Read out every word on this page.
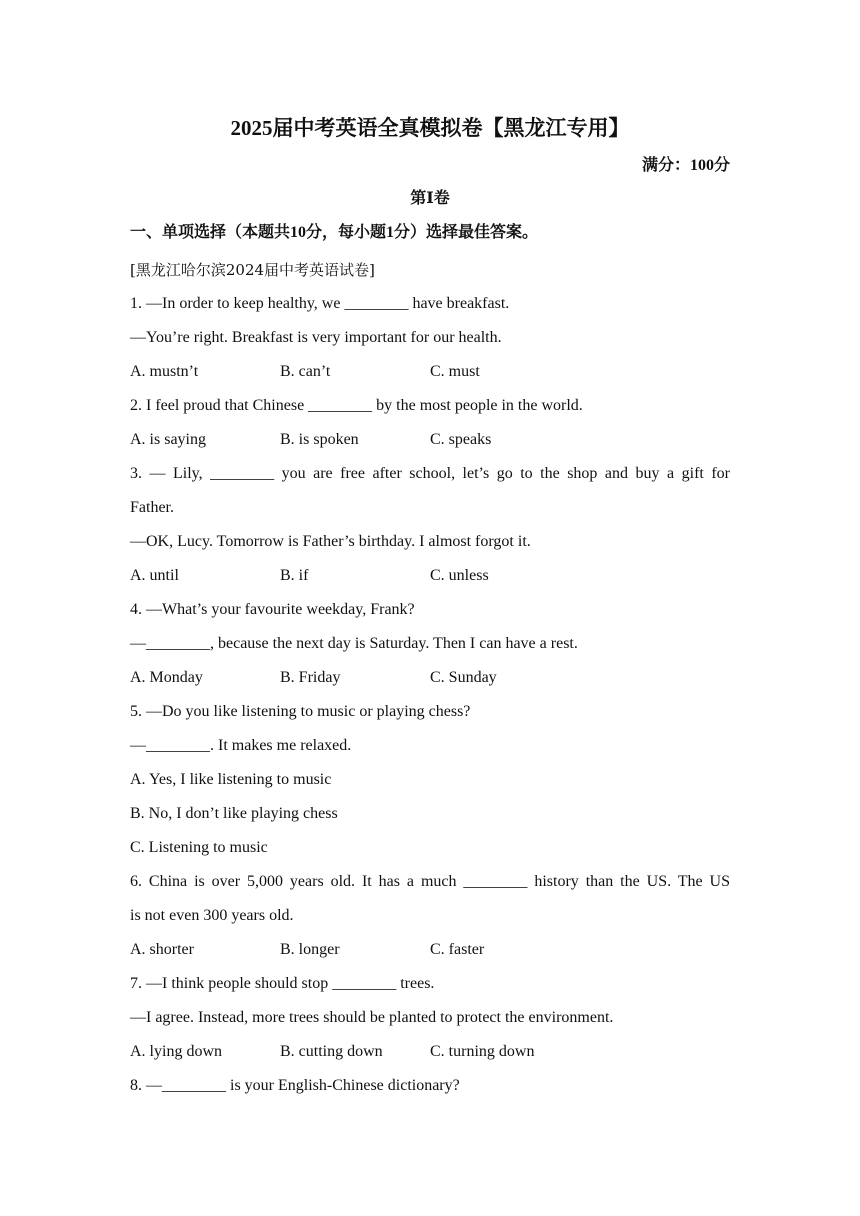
2025届中考英语全真模拟卷【黑龙江专用】
满分：100分
第Ⅰ卷
一、单项选择（本题共10分，每小题1分）选择最佳答案。
[黑龙江哈尔滨2024届中考英语试卷]
1. —In order to keep healthy, we ________ have breakfast.
—You’re right. Breakfast is very important for our health.
A. mustn’t	B. can’t	C. must
2. I feel proud that Chinese ________ by the most people in the world.
A. is saying	B. is spoken	C. speaks
3. — Lily, ________ you are free after school, let’s go to the shop and buy a gift for
Father.
—OK, Lucy. Tomorrow is Father’s birthday. I almost forgot it.
A. until	B. if	C. unless
4. —What’s your favourite weekday, Frank?
—________, because the next day is Saturday. Then I can have a rest.
A. Monday	B. Friday	C. Sunday
5. —Do you like listening to music or playing chess?
—________. It makes me relaxed.
A. Yes, I like listening to music
B. No, I don’t like playing chess
C. Listening to music
6. China is over 5,000 years old. It has a much ________ history than the US. The US
is not even 300 years old.
A. shorter	B. longer	C. faster
7. —I think people should stop ________ trees.
—I agree. Instead, more trees should be planted to protect the environment.
A. lying down	B. cutting down	C. turning down
8. —________ is your English-Chinese dictionary?
